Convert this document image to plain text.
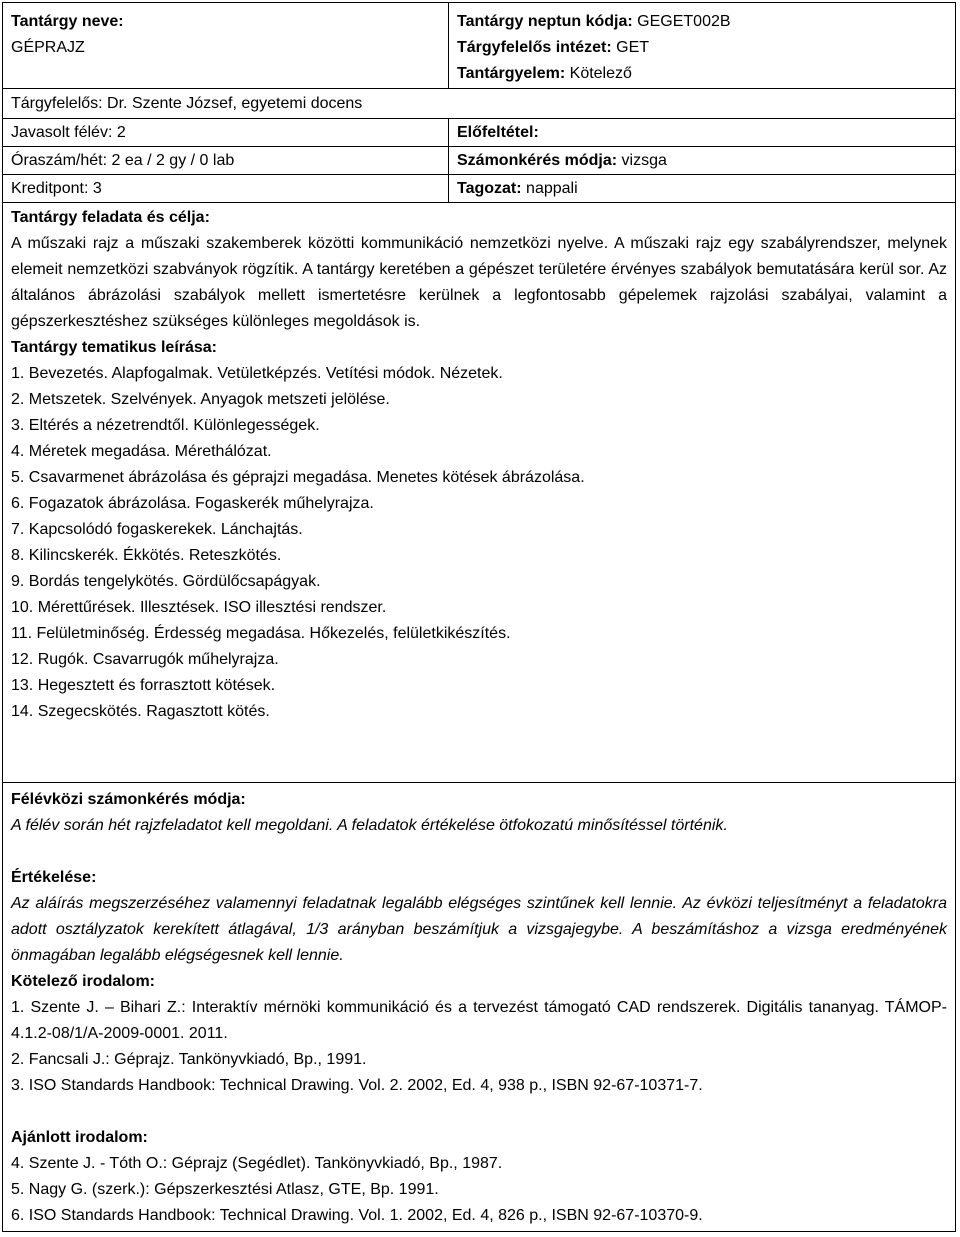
Tantárgy neve:
GÉPRAJZ
Tantárgy neptun kódja: GEGET002B
Tárgyfelelős intézet: GET
Tantárgyelem: Kötelező
Tárgyfelelős: Dr. Szente József, egyetemi docens
Javasolt félév: 2	Előfeltétel:
Óraszám/hét: 2 ea / 2 gy / 0 lab	Számonkérés módja: vizsga
Kreditpont: 3	Tagozat: nappali
Tantárgy feladata és célja:
A műszaki rajz a műszaki szakemberek közötti kommunikáció nemzetközi nyelve. A műszaki rajz egy szabályrendszer, melynek elemeit nemzetközi szabványok rögzítik. A tantárgy keretében a gépészet területére érvényes szabályok bemutatására kerül sor. Az általános ábrázolási szabályok mellett ismertetésre kerülnek a legfontosabb gépelemek rajzolási szabályai, valamint a gépszerkesztéshez szükséges különleges megoldások is.
Tantárgy tematikus leírása:
1. Bevezetés. Alapfogalmak. Vetületképzés. Vetítési módok. Nézetek.
2. Metszetek. Szelvények. Anyagok metszeti jelölése.
3. Eltérés a nézetrendtől. Különlegességek.
4. Méretek megadása. Mérethálózat.
5. Csavarmenet ábrázolása és géprajzi megadása. Menetes kötések ábrázolása.
6. Fogazatok ábrázolása. Fogaskerék műhelyrajza.
7. Kapcsolódó fogaskerekek. Lánchajtás.
8. Kilincskerék. Ékkötés. Reteszkötés.
9. Bordás tengelykötés. Gördülőcsapágyak.
10. Mérettűrések. Illesztések. ISO illesztési rendszer.
11. Felületminőség. Érdesség megadása. Hőkezelés, felületkikészítés.
12. Rugók. Csavarrugók műhelyrajza.
13. Hegesztett és forrasztott kötések.
14. Szegecskötés. Ragasztott kötés.
Félévközi számonkérés módja:
A félév során hét rajzfeladatot kell megoldani. A feladatok értékelése ötfokozatú minősítéssel történik.
Értékelése:
Az aláírás megszerzéséhez valamennyi feladatnak legalább elégséges szintűnek kell lennie. Az évközi teljesítményt a feladatokra adott osztályzatok kerekített átlagával, 1/3 arányban beszámítjuk a vizsgajegybe. A beszámításhoz a vizsga eredményének önmagában legalább elégségesnek kell lennie.
Kötelező irodalom:
1. Szente J. – Bihari Z.: Interaktív mérnöki kommunikáció és a tervezést támogató CAD rendszerek. Digitális tananyag. TÁMOP-4.1.2-08/1/A-2009-0001. 2011.
2. Fancsali J.: Géprajz. Tankönyvkiadó, Bp., 1991.
3. ISO Standards Handbook: Technical Drawing. Vol. 2. 2002, Ed. 4, 938 p., ISBN 92-67-10371-7.
Ajánlott irodalom:
4. Szente J. - Tóth O.: Géprajz (Segédlet). Tankönyvkiadó, Bp., 1987.
5. Nagy G. (szerk.): Gépszerkesztési Atlasz, GTE, Bp. 1991.
6. ISO Standards Handbook: Technical Drawing. Vol. 1. 2002, Ed. 4, 826 p., ISBN 92-67-10370-9.
